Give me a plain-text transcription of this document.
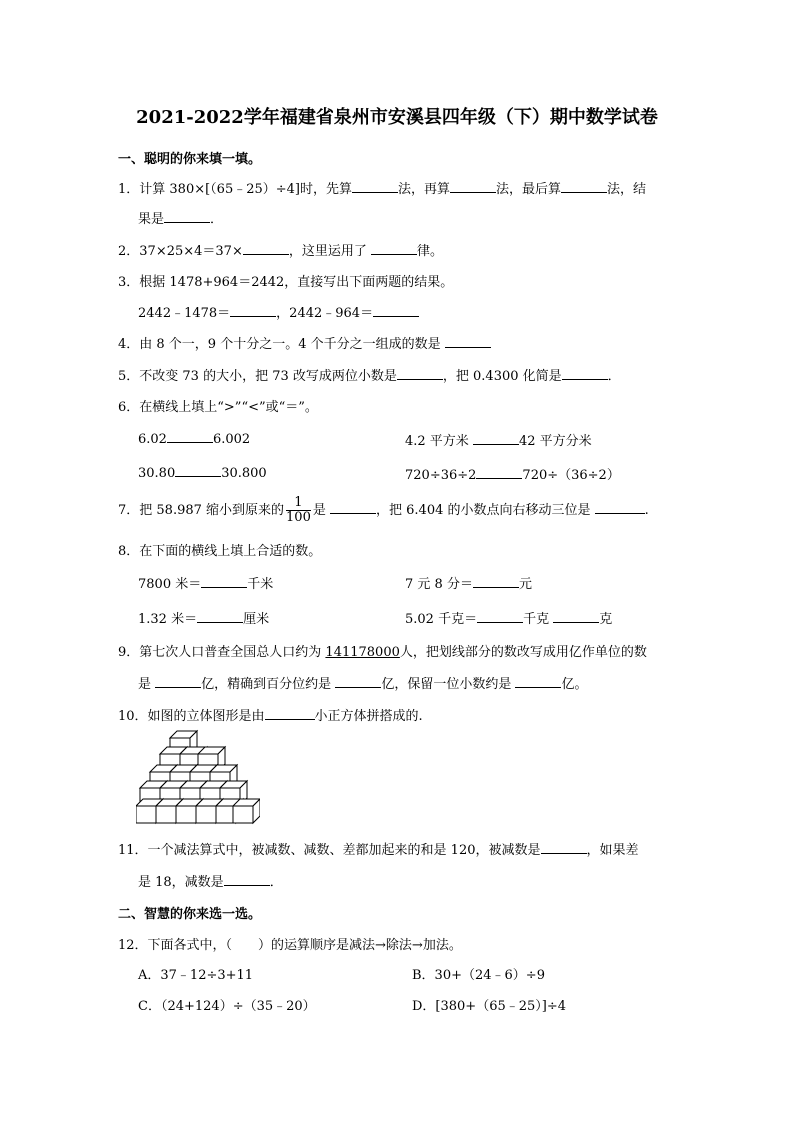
2021-2022学年福建省泉州市安溪县四年级（下）期中数学试卷
一、聪明的你来填一填。
1．计算 380×[（65﹣25）÷4]时，先算	法，再算	法，最后算	法，结
果是	．
2．37×25×4＝37×	，这里运用了	律。
3．根据 1478+964＝2442，直接写出下面两题的结果。
2442﹣1478＝	，2442﹣964＝
4．由 8 个一，9 个十分之一。4 个千分之一组成的数是
5．不改变 73 的大小，把 73 改写成两位小数是	，把 0.4300 化简是	．
6．在横线上填上“>”“<”或“＝”。
6.02	6.002	4.2 平方米	42 平方分米
30.80	30.800	720÷36÷2	720÷（36÷2）
7．把 58.987 缩小到原来的 $\frac{1}{100}$ 是	，把 6.404 的小数点向右移动三位是	.
8．在下面的横线上填上合适的数。
7800 米＝	千米	7 元 8 分＝	元
1.32 米＝	厘米	5.02 千克＝	千克	克
9．第七次人口普查全国总人口约为 141178000人，把划线部分的数改写成用亿作单位的数
是	亿，精确到百分位约是	亿，保留一位小数约是	亿。
10．如图的立体图形是由	小正方体拼搭成的.
11．一个减法算式中，被减数、减数、差都加起来的和是 120，被减数是	，如果差
是 18，减数是	．
二、智慧的你来选一选。
12．下面各式中，（　　）的运算顺序是减法→除法→加法。
A．37﹣12÷3+11	B．30+（24﹣6）÷9
C．（24+124）÷（35﹣20）	D．[380+（65﹣25）]÷4
